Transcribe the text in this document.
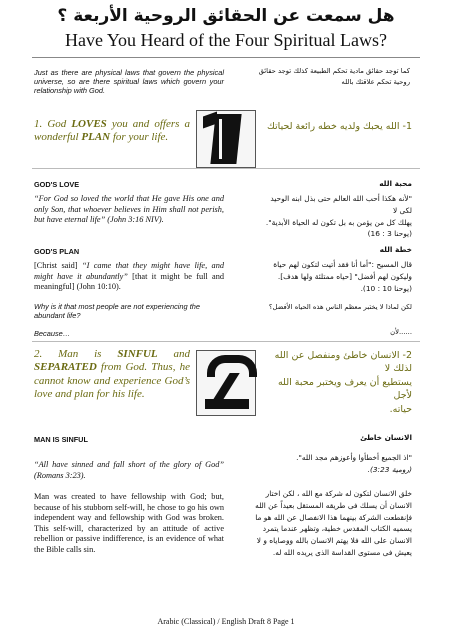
هل سمعت عن الحقائق الروحية الأربعة ؟
Have You Heard of the Four Spiritual Laws?
Just as there are physical laws that govern the physical universe, so are there spiritual laws which govern your relationship with God.
كما توجد حقائق مادية تحكم الطبيعة كذلك توجد حقائق
روحية تحكم علاقتك بالله
1. God LOVES you and offers a wonderful PLAN for your life.
1- الله يحبك ولديه خطه رائعة لحياتك
GOD'S LOVE
“For God so loved the world that He gave His one and only Son, that whoever believes in Him shall not perish, but have eternal life” (John 3:16 NIV).
محبة الله
"لأنه هكذا أحب الله العالم حتى بذل ابنه الوحيد لكى لا
يهلك كل من يؤمن به بل تكون له الحياة الأبدية".
(يوحنا 3 : 16)
GOD'S PLAN
[Christ said] “I came that they might have life, and might have it abundantly” [that it might be full and meaningful] (John 10:10).
خطة الله
قال المسيح :"أما أنا فقد أتيت لتكون لهم حياة
وليكون لهم أفضل" [حياه ممتلئة ولها هدف].
(يوحنا 10 : 10).
Why is it that most people are not experiencing the abundant life?
لكن لماذا لا يختبر معظم الناس هذه الحياه الأفضل؟
Because…	......لأن
2. Man is SINFUL and SEPARATED from God. Thus, he cannot know and experience God’s love and plan for his life.
2- الانسان خاطئ ومنفصل عن الله لذلك لا
يستطيع أن يعرف ويختبر محبة الله لأجل
حياته.
MAN IS SINFUL	الانسان خاطئ
“All have sinned and fall short of the glory of God” (Romans 3:23).
"اذ الجميع أخطأوا وأعوزهم مجد الله".
(رومية 3:23).
Man was created to have fellowship with God; but, because of his stubborn self-will, he chose to go his own independent way and fellowship with God was broken. This self-will, characterized by an attitude of active rebellion or passive indifference, is an evidence of what the Bible calls sin.
خلق الانسان لتكون له شركة مع الله ، لكن اختار
الانسان أن يسلك فى طريقه المستقل بعيداً عن الله
فإنقطعت الشركة بينهما هذا الانفصال عن الله هو ما
يسميه الكتاب المقدس خطية، وتظهر عندما يتمرد
الانسان على الله فلا يهتم الانسان بالله ووصاياه و لا
يعيش فى مستوى القداسة الذى يريده الله له.
Arabic (Classical) / English Draft 8 Page 1
